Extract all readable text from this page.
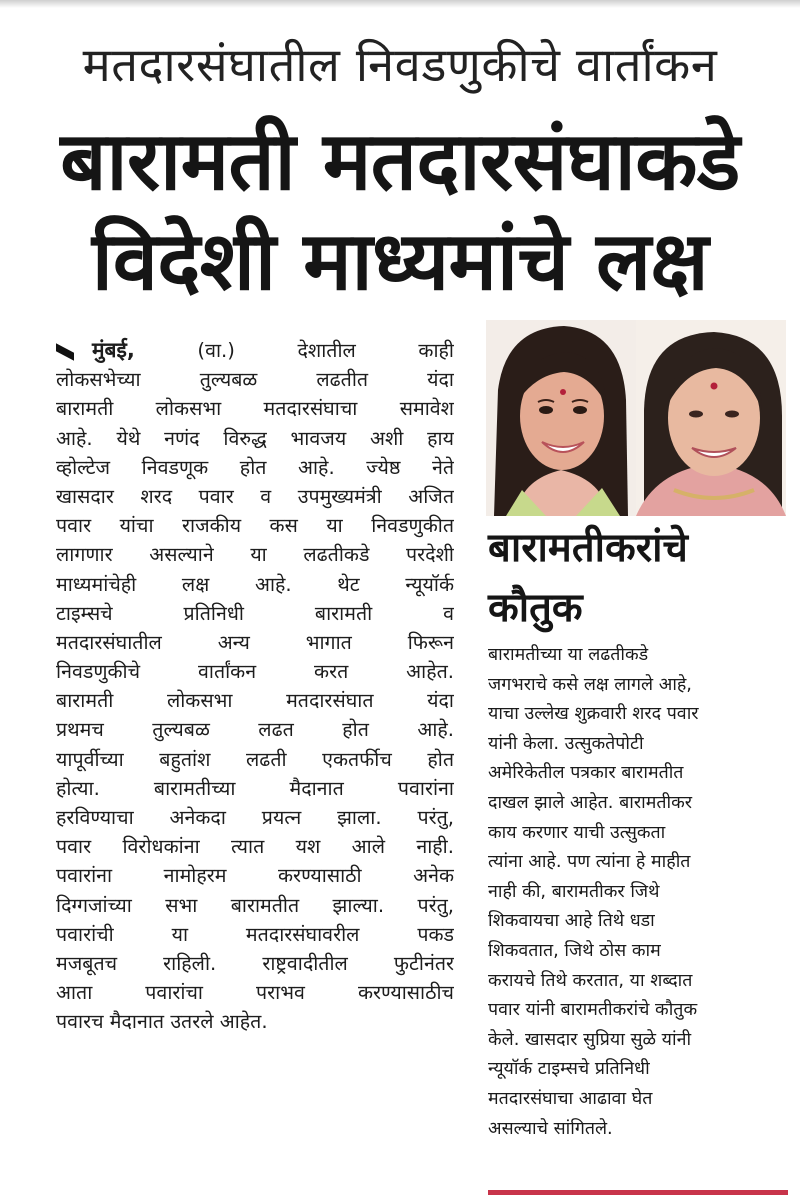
मतदारसंघातील निवडणुकीचे वार्तांकन
बारामती मतदारसंघाकडे
विदेशी माध्यमांचे लक्ष
मुंबई,	(वा.)	देशातील काही
लोकसभेच्या तुल्यबळ लढतीत यंदा
बारामती लोकसभा मतदारसंघाचा समावेश
आहे. येथे नणंद विरुद्ध भावजय अशी हाय
व्होल्टेज निवडणूक होत आहे. ज्येष्ठ नेते
खासदार शरद पवार व उपमुख्यमंत्री अजित
पवार यांचा राजकीय कस या निवडणुकीत
लागणार असल्याने या लढतीकडे परदेशी
माध्यमांचेही लक्ष आहे. थेट न्यूयॉर्क
टाइम्सचे प्रतिनिधी बारामती व
मतदारसंघातील अन्य भागात फिरून
निवडणुकीचे वार्तांकन करत आहेत.
बारामती लोकसभा मतदारसंघात यंदा
प्रथमच तुल्यबळ लढत होत आहे.
यापूर्वीच्या बहुतांश लढती एकतर्फीच होत
होत्या. बारामतीच्या मैदानात पवारांना
हरविण्याचा अनेकदा प्रयत्न झाला. परंतु,
पवार विरोधकांना त्यात यश आले नाही.
पवारांना नामोहरम करण्यासाठी अनेक
दिग्गजांच्या सभा बारामतीत झाल्या. परंतु,
पवारांची या मतदारसंघावरील पकड
मजबूतच राहिली. राष्ट्रवादीतील फुटीनंतर
आता पवारांचा पराभव करण्यासाठीच
पवारच मैदानात उतरले आहेत.
बारामतीकरांचे
कौतुक
बारामतीच्या या लढतीकडे
जगभराचे कसे लक्ष लागले आहे,
याचा उल्लेख शुक्रवारी शरद पवार
यांनी केला. उत्सुकतेपोटी
अमेरिकेतील पत्रकार बारामतीत
दाखल झाले आहेत. बारामतीकर
काय करणार याची उत्सुकता
त्यांना आहे. पण त्यांना हे माहीत
नाही की, बारामतीकर जिथे
शिकवायचा आहे तिथे धडा
शिकवतात, जिथे ठोस काम
करायचे तिथे करतात, या शब्दात
पवार यांनी बारामतीकरांचे कौतुक
केले. खासदार सुप्रिया सुळे यांनी
न्यूयॉर्क टाइम्सचे प्रतिनिधी
मतदारसंघाचा आढावा घेत
असल्याचे सांगितले.
